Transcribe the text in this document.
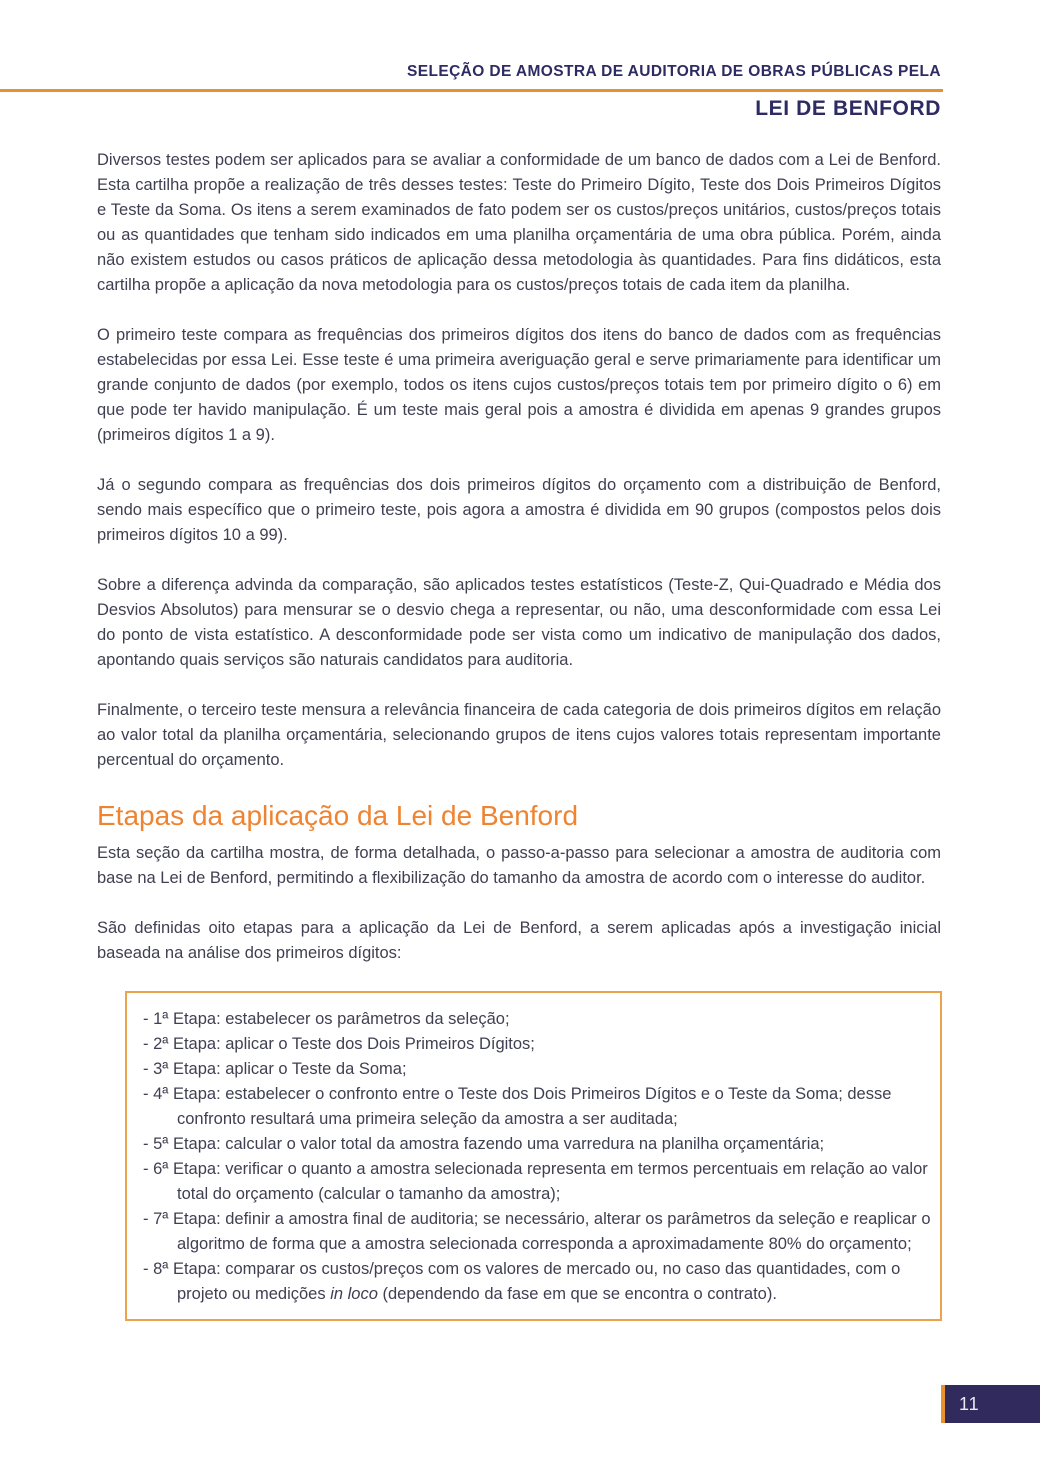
SELEÇÃO DE AMOSTRA DE AUDITORIA DE OBRAS PÚBLICAS PELA
LEI DE BENFORD

Diversos testes podem ser aplicados para se avaliar a conformidade de um banco de dados com a Lei de Benford. Esta cartilha propõe a realização de três desses testes: Teste do Primeiro Dígito, Teste dos Dois Primeiros Dígitos e Teste da Soma. Os itens a serem examinados de fato podem ser os custos/preços unitários, custos/preços totais ou as quantidades que tenham sido indicados em uma planilha orçamentária de uma obra pública. Porém, ainda não existem estudos ou casos práticos de aplicação dessa metodologia às quantidades. Para fins didáticos, esta cartilha propõe a aplicação da nova metodologia para os custos/preços totais de cada item da planilha.

O primeiro teste compara as frequências dos primeiros dígitos dos itens do banco de dados com as frequências estabelecidas por essa Lei. Esse teste é uma primeira averiguação geral e serve primariamente para identificar um grande conjunto de dados (por exemplo, todos os itens cujos custos/preços totais tem por primeiro dígito o 6) em que pode ter havido manipulação. É um teste mais geral pois a amostra é dividida em apenas 9 grandes grupos (primeiros dígitos 1 a 9).

Já o segundo compara as frequências dos dois primeiros dígitos do orçamento com a distribuição de Benford, sendo mais específico que o primeiro teste, pois agora a amostra é dividida em 90 grupos (compostos pelos dois primeiros dígitos 10 a 99).

Sobre a diferença advinda da comparação, são aplicados testes estatísticos (Teste-Z, Qui-Quadrado e Média dos Desvios Absolutos) para mensurar se o desvio chega a representar, ou não, uma desconformidade com essa Lei do ponto de vista estatístico. A desconformidade pode ser vista como um indicativo de manipulação dos dados, apontando quais serviços são naturais candidatos para auditoria.

Finalmente, o terceiro teste mensura a relevância financeira de cada categoria de dois primeiros dígitos em relação ao valor total da planilha orçamentária, selecionando grupos de itens cujos valores totais representam importante percentual do orçamento.

Etapas da aplicação da Lei de Benford

Esta seção da cartilha mostra, de forma detalhada, o passo-a-passo para selecionar a amostra de auditoria com base na Lei de Benford, permitindo a flexibilização do tamanho da amostra de acordo com o interesse do auditor.

São definidas oito etapas para a aplicação da Lei de Benford, a serem aplicadas após a investigação inicial baseada na análise dos primeiros dígitos:

- 1ª Etapa: estabelecer os parâmetros da seleção;
- 2ª Etapa: aplicar o Teste dos Dois Primeiros Dígitos;
- 3ª Etapa: aplicar o Teste da Soma;
- 4ª Etapa: estabelecer o confronto entre o Teste dos Dois Primeiros Dígitos e o Teste da Soma; desse confronto resultará uma primeira seleção da amostra a ser auditada;
- 5ª Etapa: calcular o valor total da amostra fazendo uma varredura na planilha orçamentária;
- 6ª Etapa: verificar o quanto a amostra selecionada representa em termos percentuais em relação ao valor total do orçamento (calcular o tamanho da amostra);
- 7ª Etapa: definir a amostra final de auditoria; se necessário, alterar os parâmetros da seleção e reaplicar o algoritmo de forma que a amostra selecionada corresponda a aproximadamente 80% do orçamento;
- 8ª Etapa: comparar os custos/preços com os valores de mercado ou, no caso das quantidades, com o projeto ou medições in loco (dependendo da fase em que se encontra o contrato).
11
